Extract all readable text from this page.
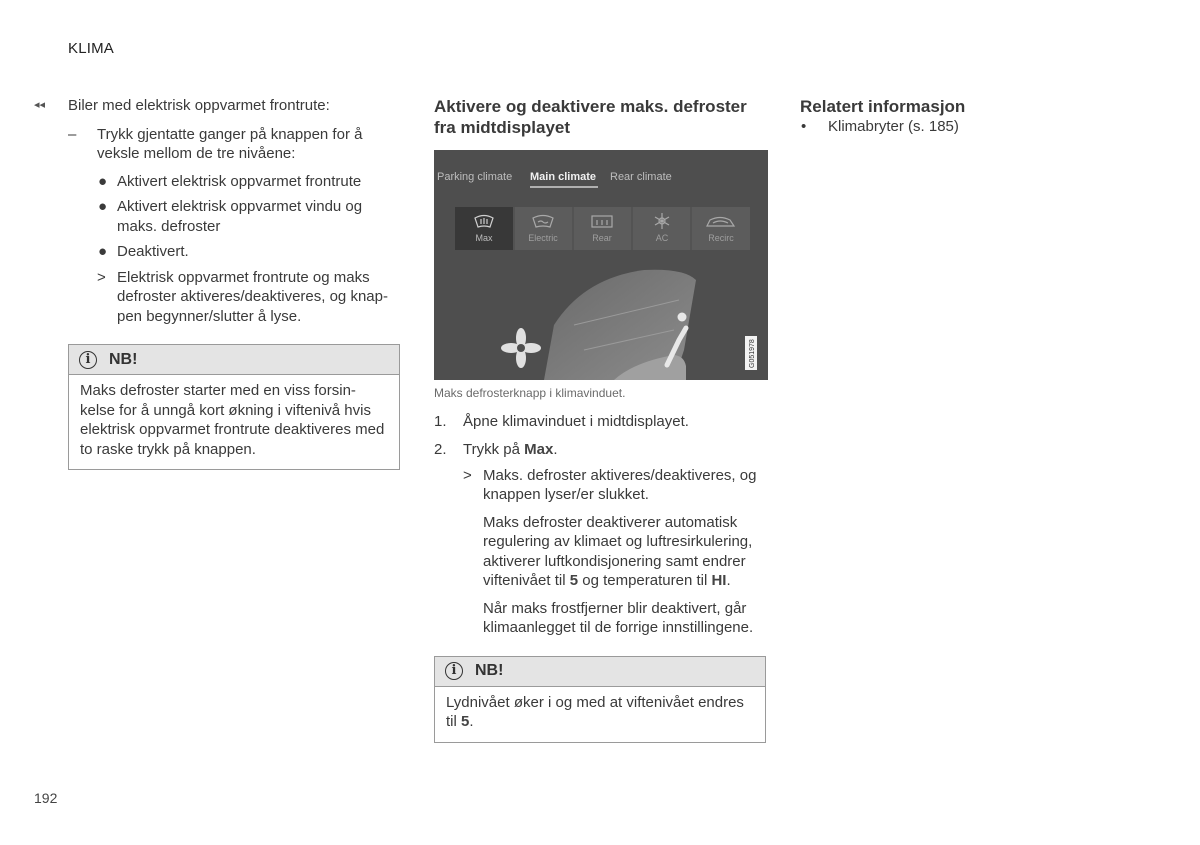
KLIMA
◂◂ Biler med elektrisk oppvarmet frontrute:
– Trykk gjentatte ganger på knappen for å
veksle mellom de tre nivåene:
● Aktivert elektrisk oppvarmet frontrute
● Aktivert elektrisk oppvarmet vindu og
maks. defroster
● Deaktivert.
> Elektrisk oppvarmet frontrute og maks
defroster aktiveres/deaktiveres, og knap-
pen begynner/slutter å lyse.
i	NB!
Maks defroster starter med en viss forsin-
kelse for å unngå kort økning i viftenivå hvis
elektrisk oppvarmet frontrute deaktiveres med
to raske trykk på knappen.
Aktivere og deaktivere maks. defroster
fra midtdisplayet
Parking climate Main climate Rear climate
Max	Electric	Rear	AC	Recirc
G051978
Maks defrosterknapp i klimavinduet.
1. Åpne klimavinduet i midtdisplayet.
2. Trykk på Max.
> Maks. defroster aktiveres/deaktiveres, og
knappen lyser/er slukket.
Maks defroster deaktiverer automatisk
regulering av klimaet og luftresirkulering,
aktiverer luftkondisjonering samt endrer
viftenivået til 5 og temperaturen til HI.
Når maks frostfjerner blir deaktivert, går
klimaanlegget til de forrige innstillingene.
i	NB!
Lydnivået øker i og med at viftenivået endres
til 5.
Relatert informasjon
• Klimabryter (s. 185)
192
